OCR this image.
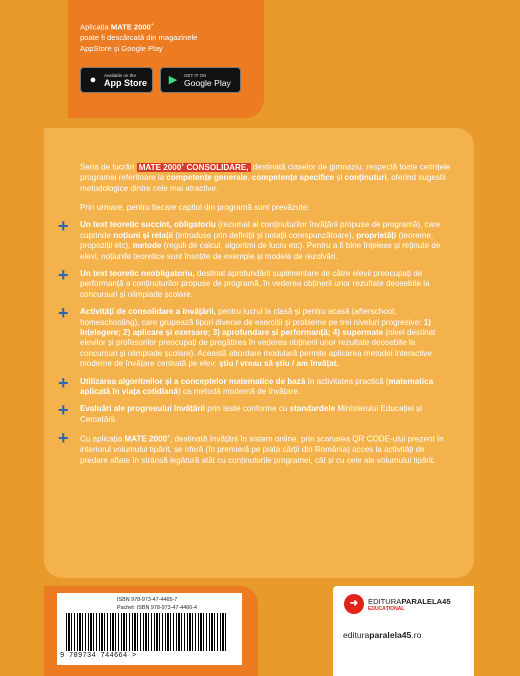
Aplicația MATE 2000+
poate fi descărcată din magazinele
AppStore și Google Play
●	Available on the
App Store	▶	GET IT ON
Google Play

Seria de lucrări MATE 2000+ CONSOLIDARE, destinată claselor de gimnaziu, respectă toate cerințele programei referitoare la competențe generale, competențe specifice și conținuturi, oferind sugestii metodologice dintre cele mai atractive.

Prin urmare, pentru fiecare capitol din programă sunt prevăzute:

+ Un text teoretic succint, obligatoriu (rezumat al conținuturilor învățării propuse de programă), care cuprinde noțiuni și relații (introduse prin definiții și notații corespunzătoare), proprietăți (teoreme, propoziții etc), metode (reguli de calcul, algoritmi de lucru etc). Pentru a fi bine înțelese și reținute de elevi, noțiunile teoretice sunt însoțite de exemple și modele de rezolvări.
+ Un text teoretic neobligatoriu, destinat aprofundării suplimentare de către elevii preocupați de performanță a conținuturilor propuse de programă, în vederea obținerii unor rezultate deosebite la concursuri și olimpiade școlare.
+ Activități de consolidare a învățării, pentru lucrul la clasă și pentru acasă (afterschool, homeschooling), care grupează tipuri diverse de exerciții și probleme pe trei niveluri progresive: 1) înțelegere; 2) aplicare și exersare; 3) aprofundare și performanță; 4) supermate (nivel destinat elevilor și profesorilor preocupați de pregătirea în vederea obținerii unor rezultate deosebite la concursuri și olimpiade școlare). Această abordare modulară permite aplicarea metodei interactive moderne de învățare centrată pe elev: știu / vreau să știu / am învățat.
+ Utilizarea algoritmilor și a conceptelor matematice de bază în activitatea practică (matematica aplicată în viața cotidiană) ca metodă modernă de învățare.
+ Evaluări ale progresului învățării prin teste conforme cu standardele Ministerului Educației și Cercetării.
+ Cu aplicația MATE 2000+, destinată învățării în sistem online, prin scanarea QR CODE-ului prezent în interiorul volumului tipărit, se oferă (în premieră pe piața cărții din România) acces la activități de predare aflate în strânsă legătură atât cu conținuturile programei, cât și cu cele ale volumului tipărit.
ISBN 978-973-47-4465-7
Pachet: ISBN 978-973-47-4466-4
9 789734 744664 >
➜	EDITURAPARALELA45
EDUCAȚIONAL
edituraparalela45.ro
